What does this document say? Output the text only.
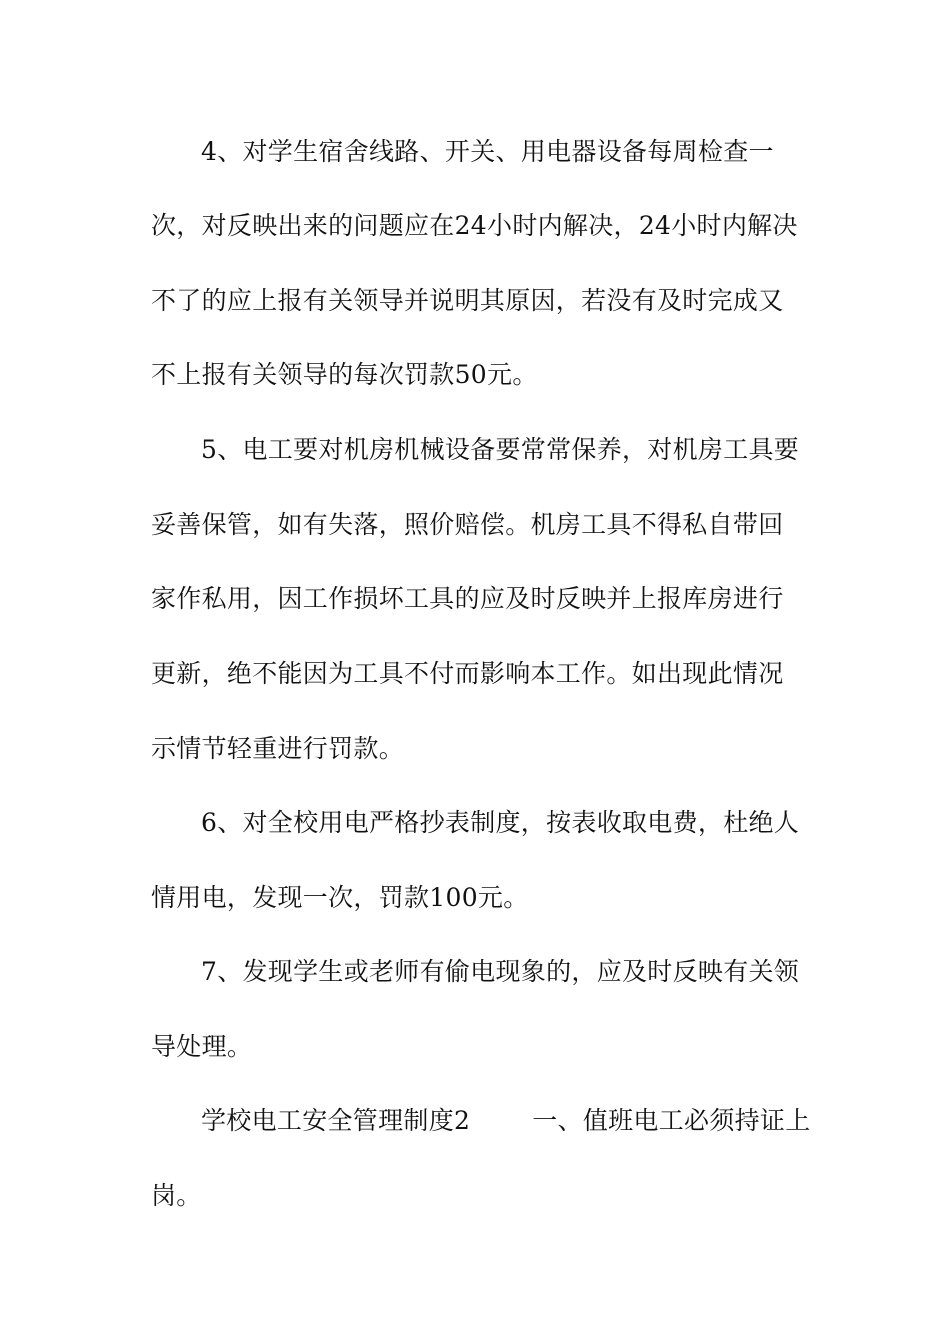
4、对学生宿舍线路、开关、用电器设备每周检查一
次，对反映出来的问题应在24小时内解决，24小时内解决
不了的应上报有关领导并说明其原因，若没有及时完成又
不上报有关领导的每次罚款50元。
5、电工要对机房机械设备要常常保养，对机房工具要
妥善保管，如有失落，照价赔偿。机房工具不得私自带回
家作私用，因工作损坏工具的应及时反映并上报库房进行
更新，绝不能因为工具不付而影响本工作。如出现此情况
示情节轻重进行罚款。
6、对全校用电严格抄表制度，按表收取电费，杜绝人
情用电，发现一次，罚款100元。
7、发现学生或老师有偷电现象的，应及时反映有关领
导处理。
学校电工安全管理制度2 一、值班电工必须持证上
岗。
